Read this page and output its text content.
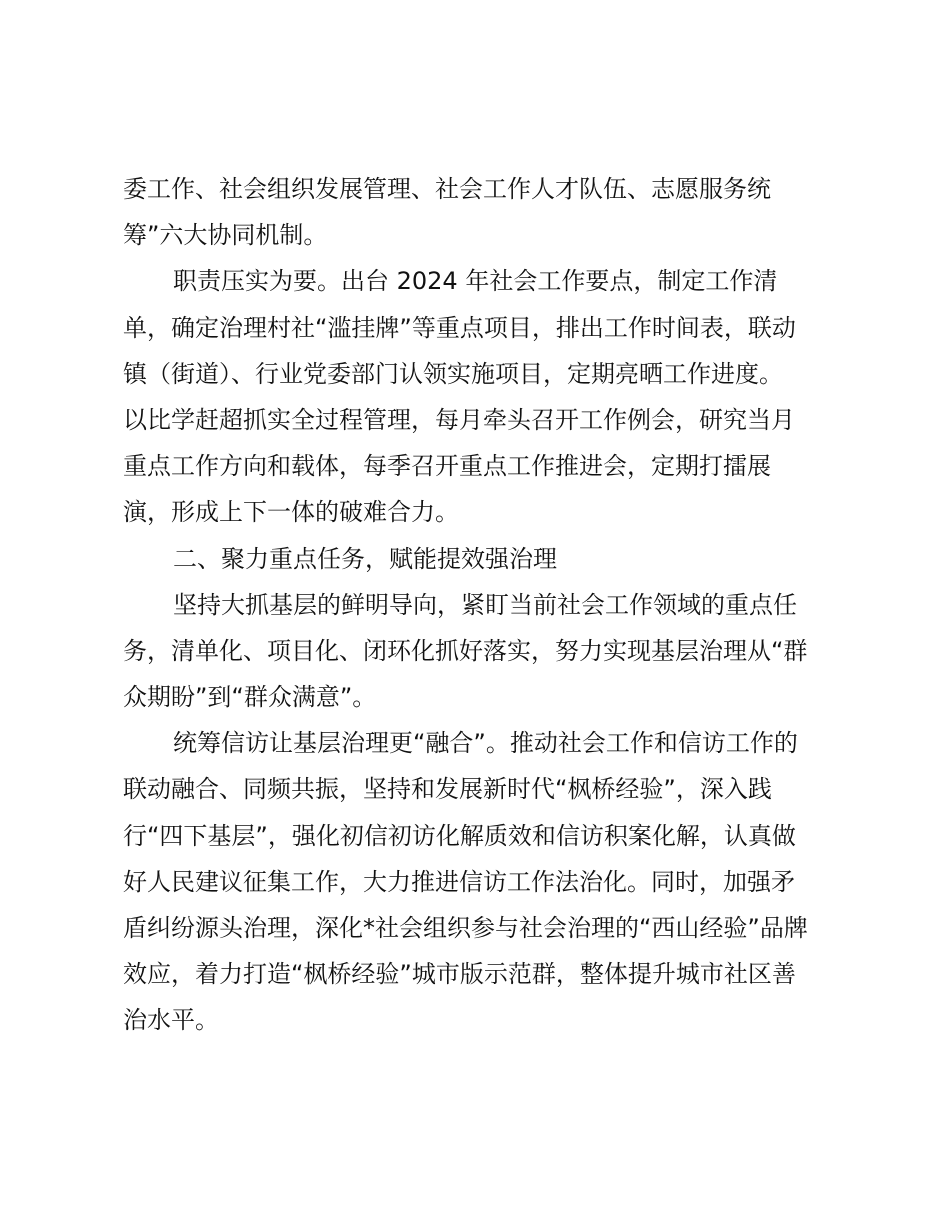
委工作、社会组织发展管理、社会工作人才队伍、志愿服务统
筹”六大协同机制。
职责压实为要。出台 2024 年社会工作要点，制定工作清
单，确定治理村社“滥挂牌”等重点项目，排出工作时间表，联动
镇（街道）、行业党委部门认领实施项目，定期亮晒工作进度。
以比学赶超抓实全过程管理，每月牵头召开工作例会，研究当月
重点工作方向和载体，每季召开重点工作推进会，定期打擂展
演，形成上下一体的破难合力。
二、聚力重点任务，赋能提效强治理
坚持大抓基层的鲜明导向，紧盯当前社会工作领域的重点任
务，清单化、项目化、闭环化抓好落实，努力实现基层治理从“群
众期盼”到“群众满意”。
统筹信访让基层治理更“融合”。推动社会工作和信访工作的
联动融合、同频共振，坚持和发展新时代“枫桥经验”，深入践
行“四下基层”，强化初信初访化解质效和信访积案化解，认真做
好人民建议征集工作，大力推进信访工作法治化。同时，加强矛
盾纠纷源头治理，深化*社会组织参与社会治理的“西山经验”品牌
效应，着力打造“枫桥经验”城市版示范群，整体提升城市社区善
治水平。
